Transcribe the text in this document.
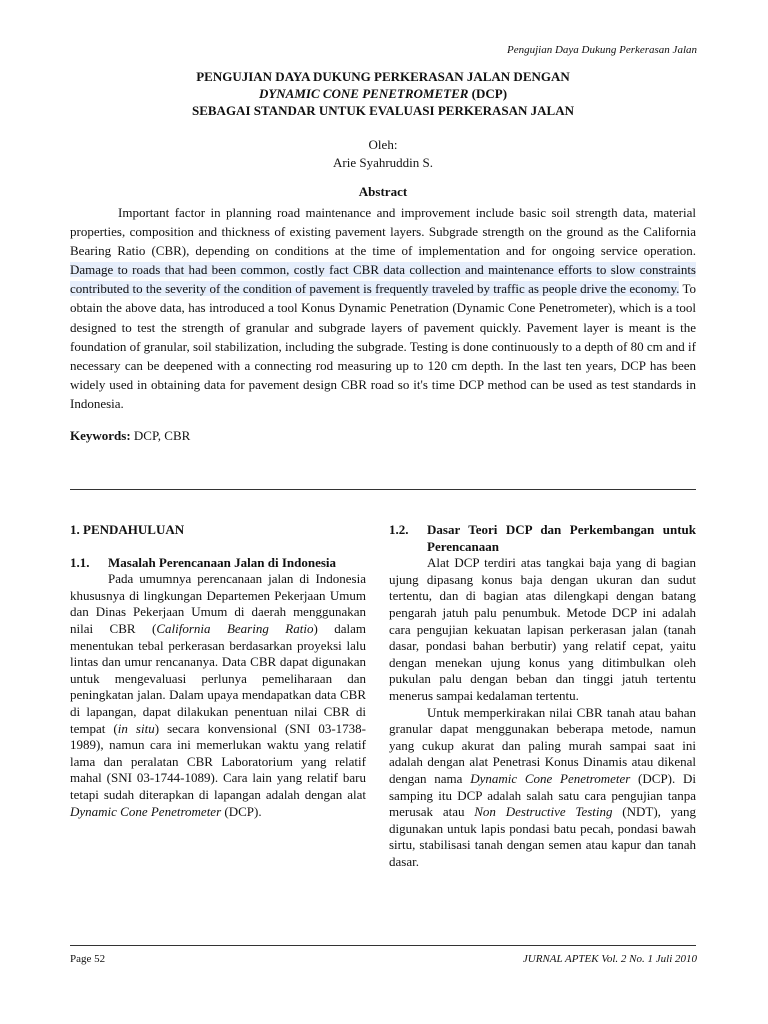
Pengujian Daya Dukung Perkerasan Jalan
PENGUJIAN DAYA DUKUNG PERKERASAN JALAN DENGAN
DYNAMIC CONE PENETROMETER (DCP)
SEBAGAI STANDAR UNTUK EVALUASI PERKERASAN JALAN
Oleh:
Arie Syahruddin S.
Abstract
Important factor in planning road maintenance and improvement include basic soil strength data, material properties, composition and thickness of existing pavement layers. Subgrade strength on the ground as the California Bearing Ratio (CBR), depending on conditions at the time of implementation and for ongoing service operation. Damage to roads that had been common, costly fact CBR data collection and maintenance efforts to slow constraints contributed to the severity of the condition of pavement is frequently traveled by traffic as people drive the economy. To obtain the above data, has introduced a tool Konus Dynamic Penetration (Dynamic Cone Penetrometer), which is a tool designed to test the strength of granular and subgrade layers of pavement quickly. Pavement layer is meant is the foundation of granular, soil stabilization, including the subgrade. Testing is done continuously to a depth of 80 cm and if necessary can be deepened with a connecting rod measuring up to 120 cm depth. In the last ten years, DCP has been widely used in obtaining data for pavement design CBR road so it's time DCP method can be used as test standards in Indonesia.
Keywords: DCP, CBR
1. PENDAHULUAN
1.1.	Masalah Perencanaan Jalan di Indonesia

Pada umumnya perencanaan jalan di Indonesia khususnya di lingkungan Departemen Pekerjaan Umum dan Dinas Pekerjaan Umum di daerah menggunakan nilai CBR (California Bearing Ratio) dalam menentukan tebal perkerasan berdasarkan proyeksi lalu lintas dan umur rencananya. Data CBR dapat digunakan untuk mengevaluasi perlunya pemeliharaan dan peningkatan jalan. Dalam upaya mendapatkan data CBR di lapangan, dapat dilakukan penentuan nilai CBR di tempat (in situ) secara konvensional (SNI 03-1738-1989), namun cara ini memerlukan waktu yang relatif lama dan peralatan CBR Laboratorium yang relatif mahal (SNI 03-1744-1089). Cara lain yang relatif baru tetapi sudah diterapkan di lapangan adalah dengan alat Dynamic Cone Penetrometer (DCP).

1.2.	Dasar Teori DCP dan Perkembangan untuk Perencanaan

Alat DCP terdiri atas tangkai baja yang di bagian ujung dipasang konus baja dengan ukuran dan sudut tertentu, dan di bagian atas dilengkapi dengan batang pengarah jatuh palu penumbuk. Metode DCP ini adalah cara pengujian kekuatan lapisan perkerasan jalan (tanah dasar, pondasi bahan berbutir) yang relatif cepat, yaitu dengan menekan ujung konus yang ditimbulkan oleh pukulan palu dengan beban dan tinggi jatuh tertentu menerus sampai kedalaman tertentu.

Untuk memperkirakan nilai CBR tanah atau bahan granular dapat menggunakan beberapa metode, namun yang cukup akurat dan paling murah sampai saat ini adalah dengan alat Penetrasi Konus Dinamis atau dikenal dengan nama Dynamic Cone Penetrometer (DCP). Di samping itu DCP adalah salah satu cara pengujian tanpa merusak atau Non Destructive Testing (NDT), yang digunakan untuk lapis pondasi batu pecah, pondasi bawah sirtu, stabilisasi tanah dengan semen atau kapur dan tanah dasar.

Page 52	JURNAL APTEK Vol. 2 No. 1 Juli 2010
